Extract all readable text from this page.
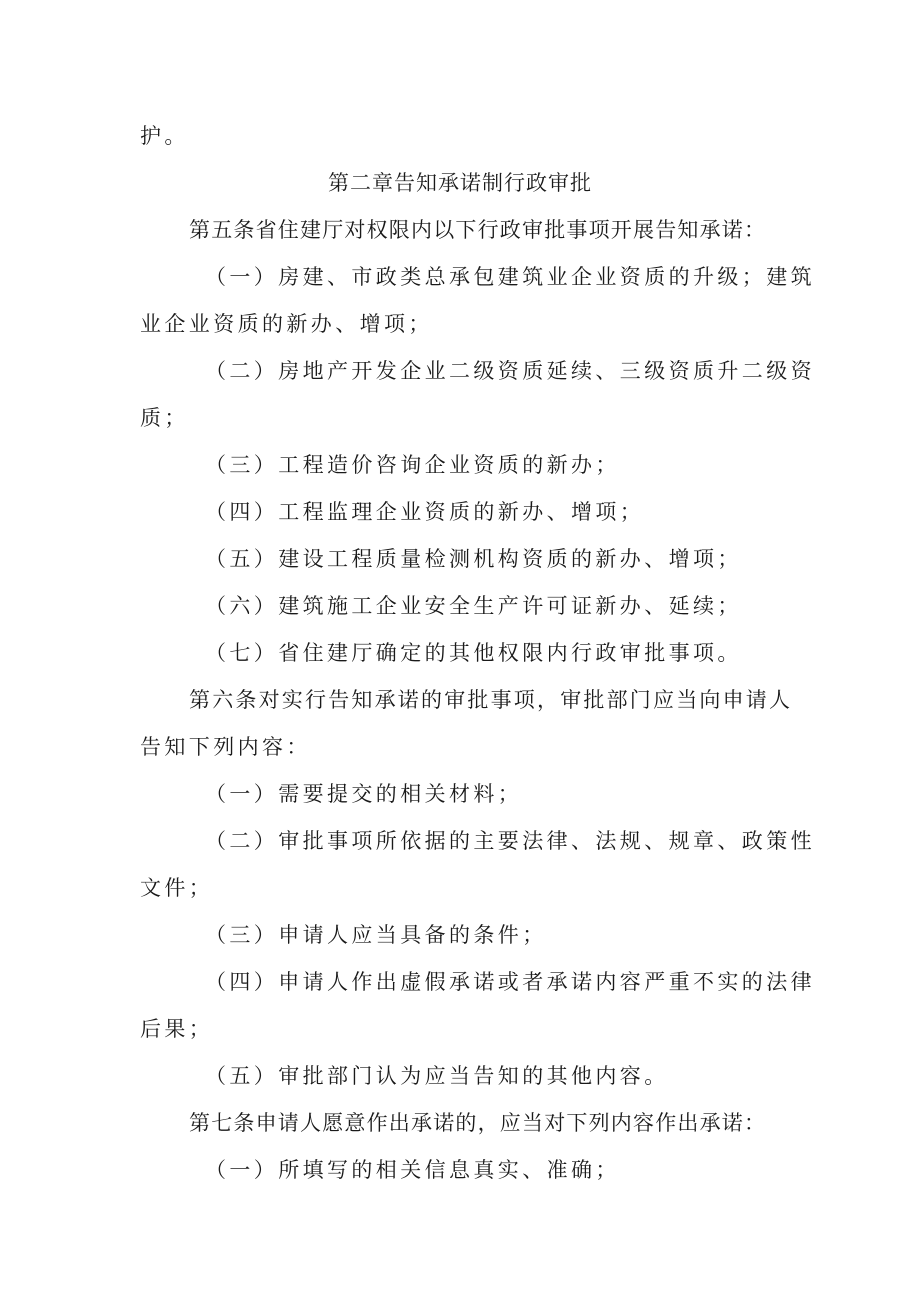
护。
第二章告知承诺制行政审批
第五条省住建厅对权限内以下行政审批事项开展告知承诺：
（一）房建、市政类总承包建筑业企业资质的升级；建筑
业企业资质的新办、增项；
（二）房地产开发企业二级资质延续、三级资质升二级资
质；
（三）工程造价咨询企业资质的新办；
（四）工程监理企业资质的新办、增项；
（五）建设工程质量检测机构资质的新办、增项；
（六）建筑施工企业安全生产许可证新办、延续；
（七）省住建厅确定的其他权限内行政审批事项。
第六条对实行告知承诺的审批事项，审批部门应当向申请人
告知下列内容：
（一）需要提交的相关材料；
（二）审批事项所依据的主要法律、法规、规章、政策性
文件；
（三）申请人应当具备的条件；
（四）申请人作出虚假承诺或者承诺内容严重不实的法律
后果；
（五）审批部门认为应当告知的其他内容。
第七条申请人愿意作出承诺的，应当对下列内容作出承诺：
（一）所填写的相关信息真实、准确；
